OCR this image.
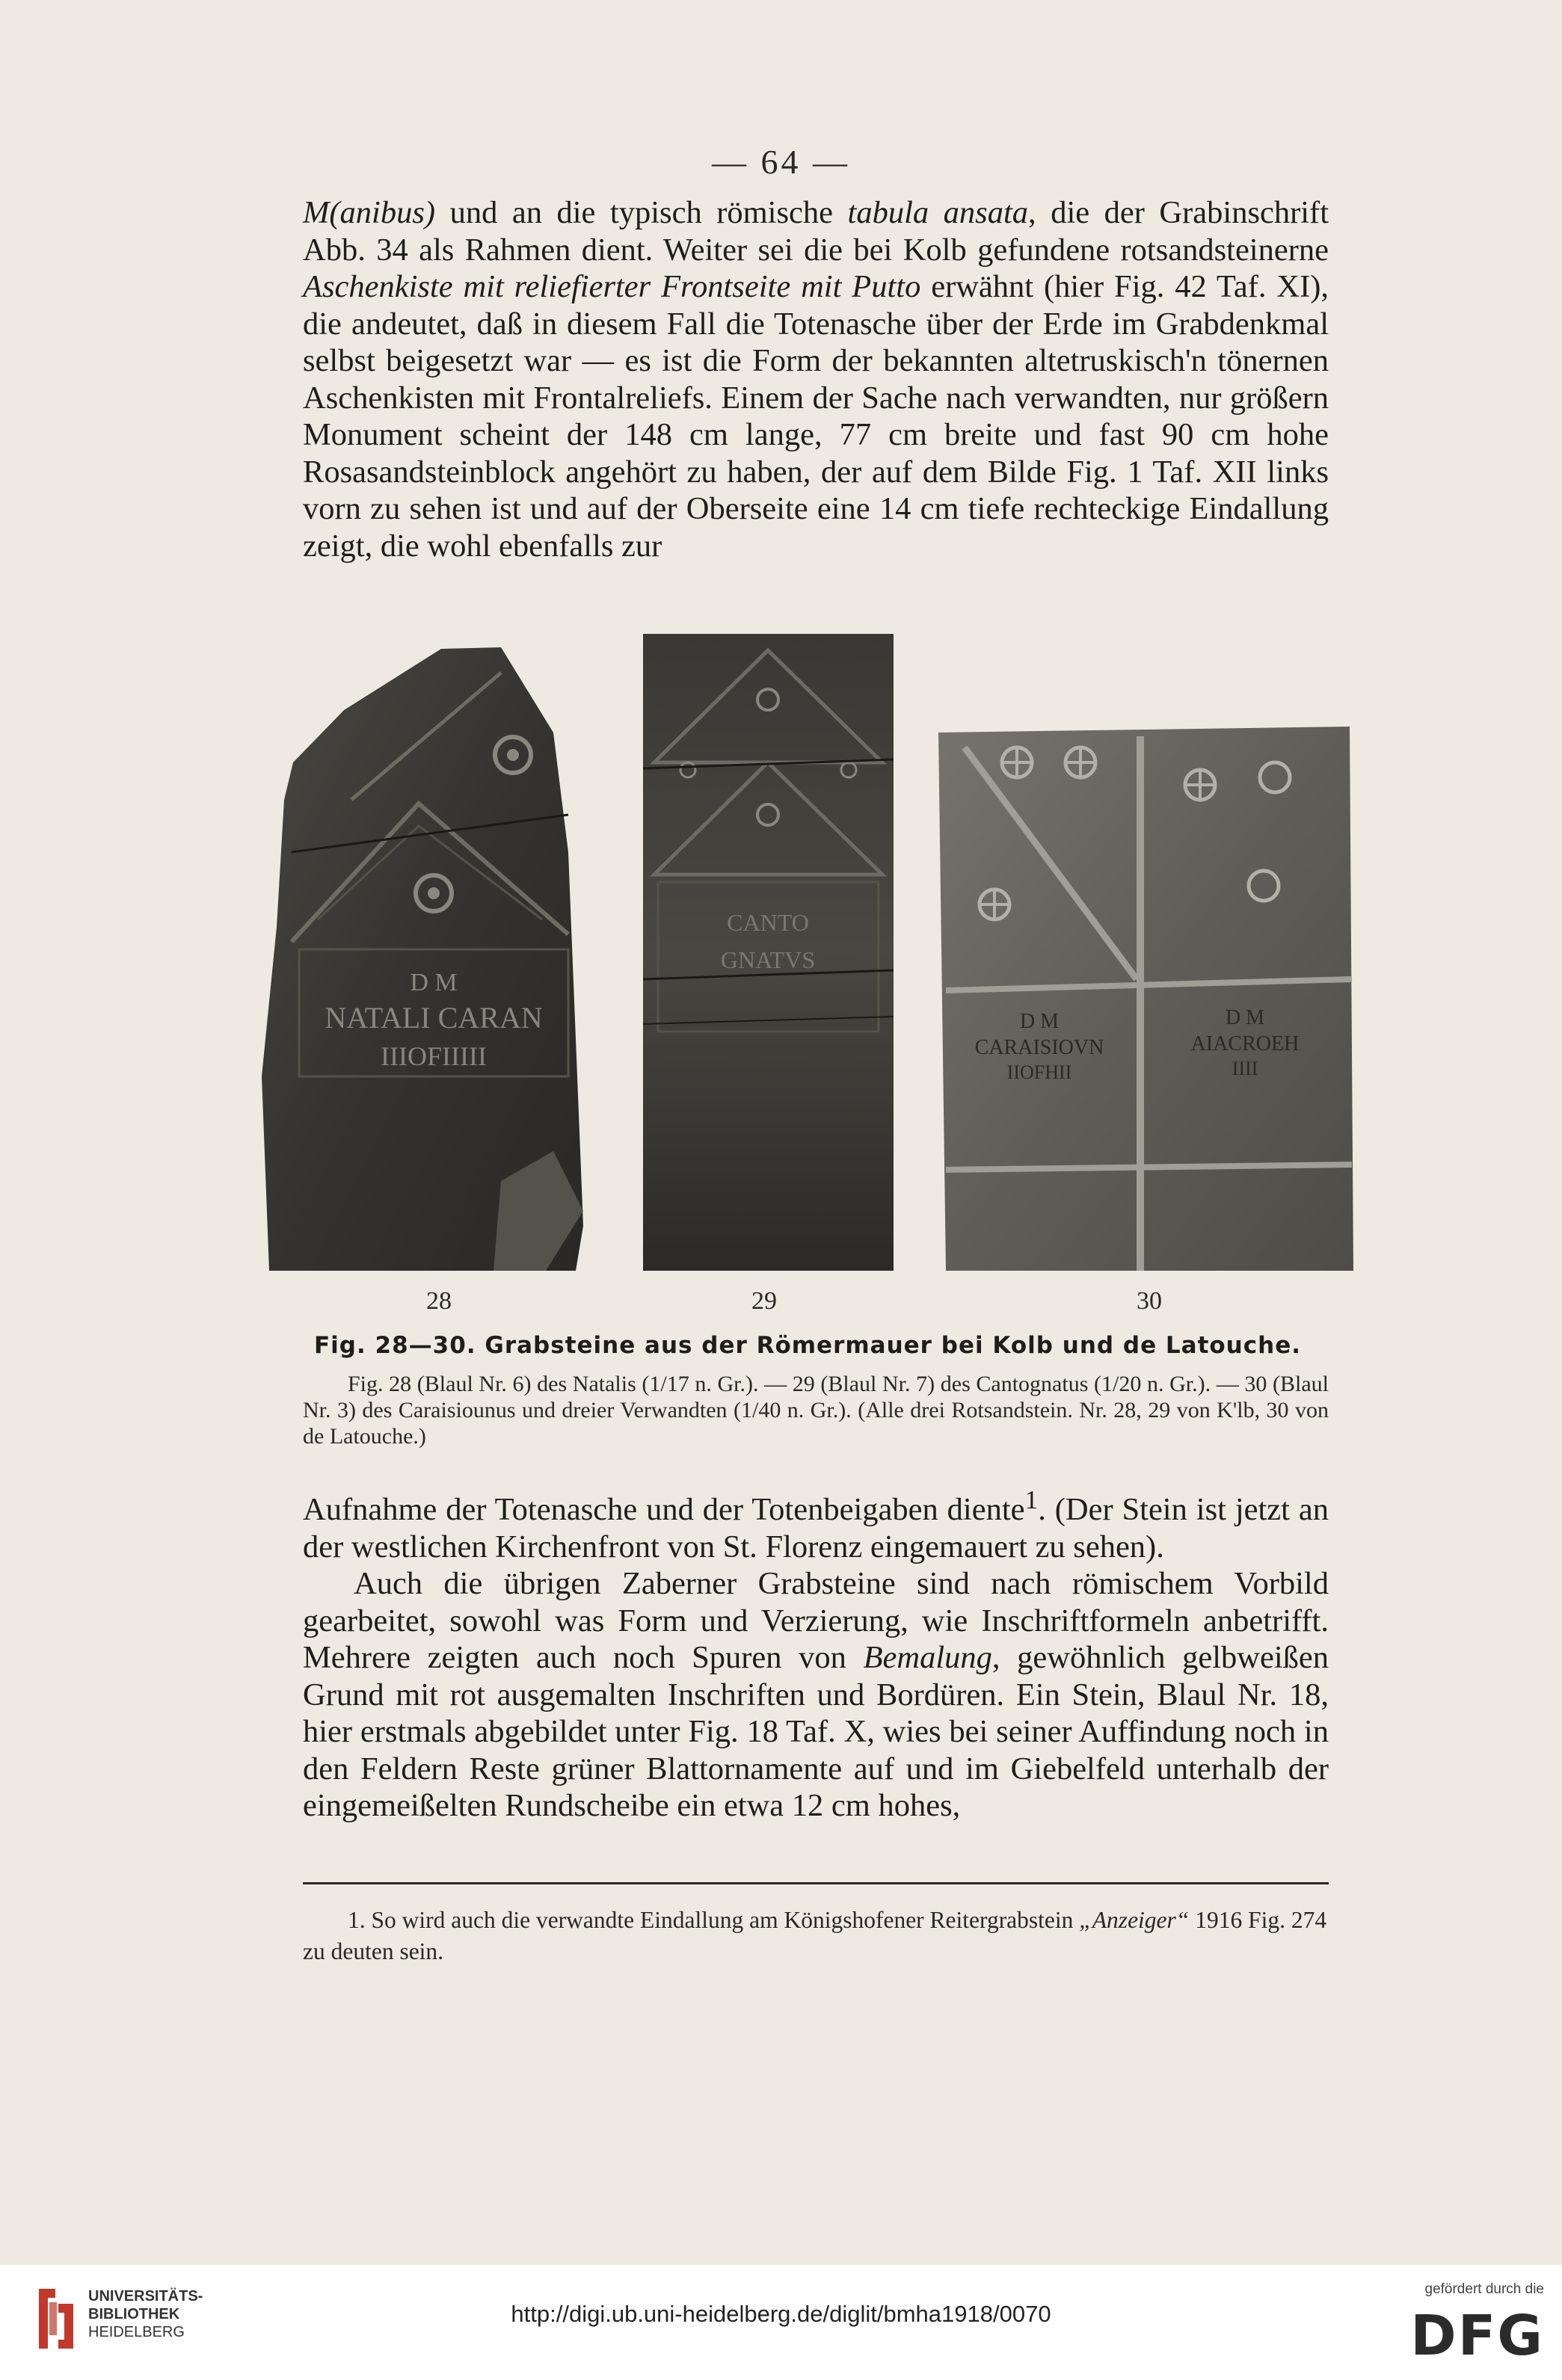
— 64 —

M(anibus) und an die typisch römische tabula ansata, die der Grabinschrift Abb. 34 als Rahmen dient. Weiter sei die bei Kolb gefundene rotsandsteinerne Aschenkiste mit reliefierter Frontseite mit Putto erwähnt (hier Fig. 42 Taf. XI), die andeutet, daß in diesem Fall die Totenasche über der Erde im Grabdenkmal selbst beigesetzt war — es ist die Form der bekannten altetruskisch'n tönernen Aschenkisten mit Frontalreliefs. Einem der Sache nach verwandten, nur größern Monument scheint der 148 cm lange, 77 cm breite und fast 90 cm hohe Rosasandsteinblock angehört zu haben, der auf dem Bilde Fig. 1 Taf. XII links vorn zu sehen ist und auf der Oberseite eine 14 cm tiefe rechteckige Eindallung zeigt, die wohl ebenfalls zur

D M
NATALI CARAN
IIIOFIIIII
CANTO
GNATVS
D M
CARAISIOVN
IIOFHII
D M
AIACROEH
IIII
28	29	30
Fig. 28—30. Grabsteine aus der Römermauer bei Kolb und de Latouche.
Fig. 28 (Blaul Nr. 6) des Natalis (1/17 n. Gr.). — 29 (Blaul Nr. 7) des Cantognatus (1/20 n. Gr.). — 30 (Blaul Nr. 3) des Caraisiounus und dreier Verwandten (1/40 n. Gr.). (Alle drei Rotsandstein. Nr. 28, 29 von K'lb, 30 von de Latouche.)

Aufnahme der Totenasche und der Totenbeigaben diente$^1$. (Der Stein ist jetzt an der westlichen Kirchenfront von St. Florenz eingemauert zu sehen).

Auch die übrigen Zaberner Grabsteine sind nach römischem Vorbild gearbeitet, sowohl was Form und Verzierung, wie Inschriftformeln anbetrifft. Mehrere zeigten auch noch Spuren von Bemalung, gewöhnlich gelbweißen Grund mit rot ausgemalten Inschriften und Bordüren. Ein Stein, Blaul Nr. 18, hier erstmals abgebildet unter Fig. 18 Taf. X, wies bei seiner Auffindung noch in den Feldern Reste grüner Blattornamente auf und im Giebelfeld unterhalb der eingemeißelten Rundscheibe ein etwa 12 cm hohes,

1. So wird auch die verwandte Eindallung am Königshofener Reitergrabstein „Anzeiger“ 1916 Fig. 274 zu deuten sein.
UNIVERSITÄTS-
BIBLIOTHEK
HEIDELBERG
http://digi.ub.uni-heidelberg.de/diglit/bmha1918/0070
gefördert durch die
DFG
